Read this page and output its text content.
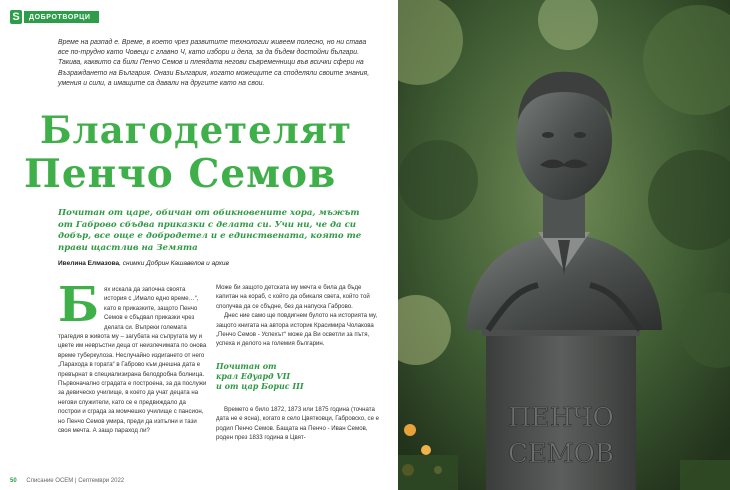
S	ДОБРОТВОРЦИ
Време на разпад е. Време, в което чрез развитите технологии живеем полесно, но ни става все по-трудно като Човеци с главно Ч, като избори и дела, за да бъдем достойни българи. Такива, каквито са били Пенчо Семов и плеядата негови съвременници във всички сфери на Възраждането на България. Онази България, когато можещите са споделяли своите знания, умения и сили, а имащите са давали на другите като на свои.
Благодетелят
Пенчо Семов
Почитан от царе, обичан от обикновените хора, мъжът от Габрово сбъдва приказки с делата си. Учи ни, че да си добър, все още е добродетел и е единствената, която те прави щастлив на Земята
Ивелина Елмазова, снимки Добрин Кашавелов и архив
Б ях искала да започна своята история с „Имало едно време…“, като в приказките, защото Пенчо Семов е сбъдвал приказки чрез делата си. Въпреки големата трагедия в живота му – загубата на съпругата му и цвете им невръстни деца от неизлечимата по онова време туберкулоза. Неслучайно издигането от него „Парахода в гората“ в Габрово към днешна дата е превърнат в специализирана белодробна болница. Първоначално сградата е построена, за да послужи за девическо училище, в което да учат децата на негови служители, като се е предвиждало да построи и сграда за момчешко училище с пансион, но Пенчо Семов умира, преди да изпълни и тази своя мечта. А защо параход ли?

Може би защото детската му мечта е била да бъде капитан на кораб, с който да обикаля света, който той сполучва да се сбъдне, без да напуска Габрово.

Днес ние само ще повдигнем булото на историята му, защото книгата на автора историк Красимира Чолакова „Пенчо Семов - Успехът“ може да Ви осветли за пътя, успеха и делото на големия българин.

Почитан от
крал Едуард VII
и от цар Борис III

Времето е било 1872, 1873 или 1875 година (точната дата не е ясна), когато в село Цвятковци, Габровско, се е родил Пенчо Семов. Бащата на Пенчо - Иван Семов, роден през 1833 година в Цвят-

50 Списание ОСЕМ | Септември 2022
ПЕНЧО
СЕМОВ
